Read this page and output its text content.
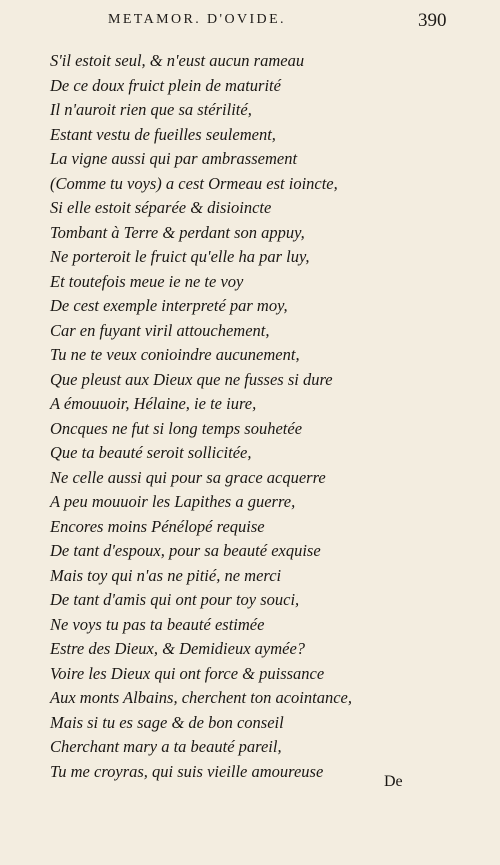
METAMOR. D'OVIDE.	390
S'il estoit seul, & n'eust aucun rameau
De ce doux fruict plein de maturité
Il n'auroit rien que sa stérilité,
Estant vestu de fueilles seulement,
La vigne aussi qui par ambrassement
(Comme tu voys) a cest Ormeau est ioincte,
Si elle estoit séparée & disioincte
Tombant à Terre & perdant son appuy,
Ne porteroit le fruict qu'elle ha par luy,
Et toutefois meue ie ne te voy
De cest exemple interpreté par moy,
Car en fuyant viril attouchement,
Tu ne te veux conioindre aucunement,
Que pleust aux Dieux que ne fusses si dure
A émouuoir, Hélaine, ie te iure,
Oncques ne fut si long temps souhetée
Que ta beauté seroit sollicitée,
Ne celle aussi qui pour sa grace acquerre
A peu mouuoir les Lapithes a guerre,
Encores moins Pénélopé requise
De tant d'espoux, pour sa beauté exquise
Mais toy qui n'as ne pitié, ne merci
De tant d'amis qui ont pour toy souci,
Ne voys tu pas ta beauté estimée
Estre des Dieux, & Demidieux aymée?
Voire les Dieux qui ont force & puissance
Aux monts Albains, cherchent ton acointance,
Mais si tu es sage & de bon conseil
Cherchant mary a ta beauté pareil,
Tu me croyras, qui suis vieille amoureuse
De
